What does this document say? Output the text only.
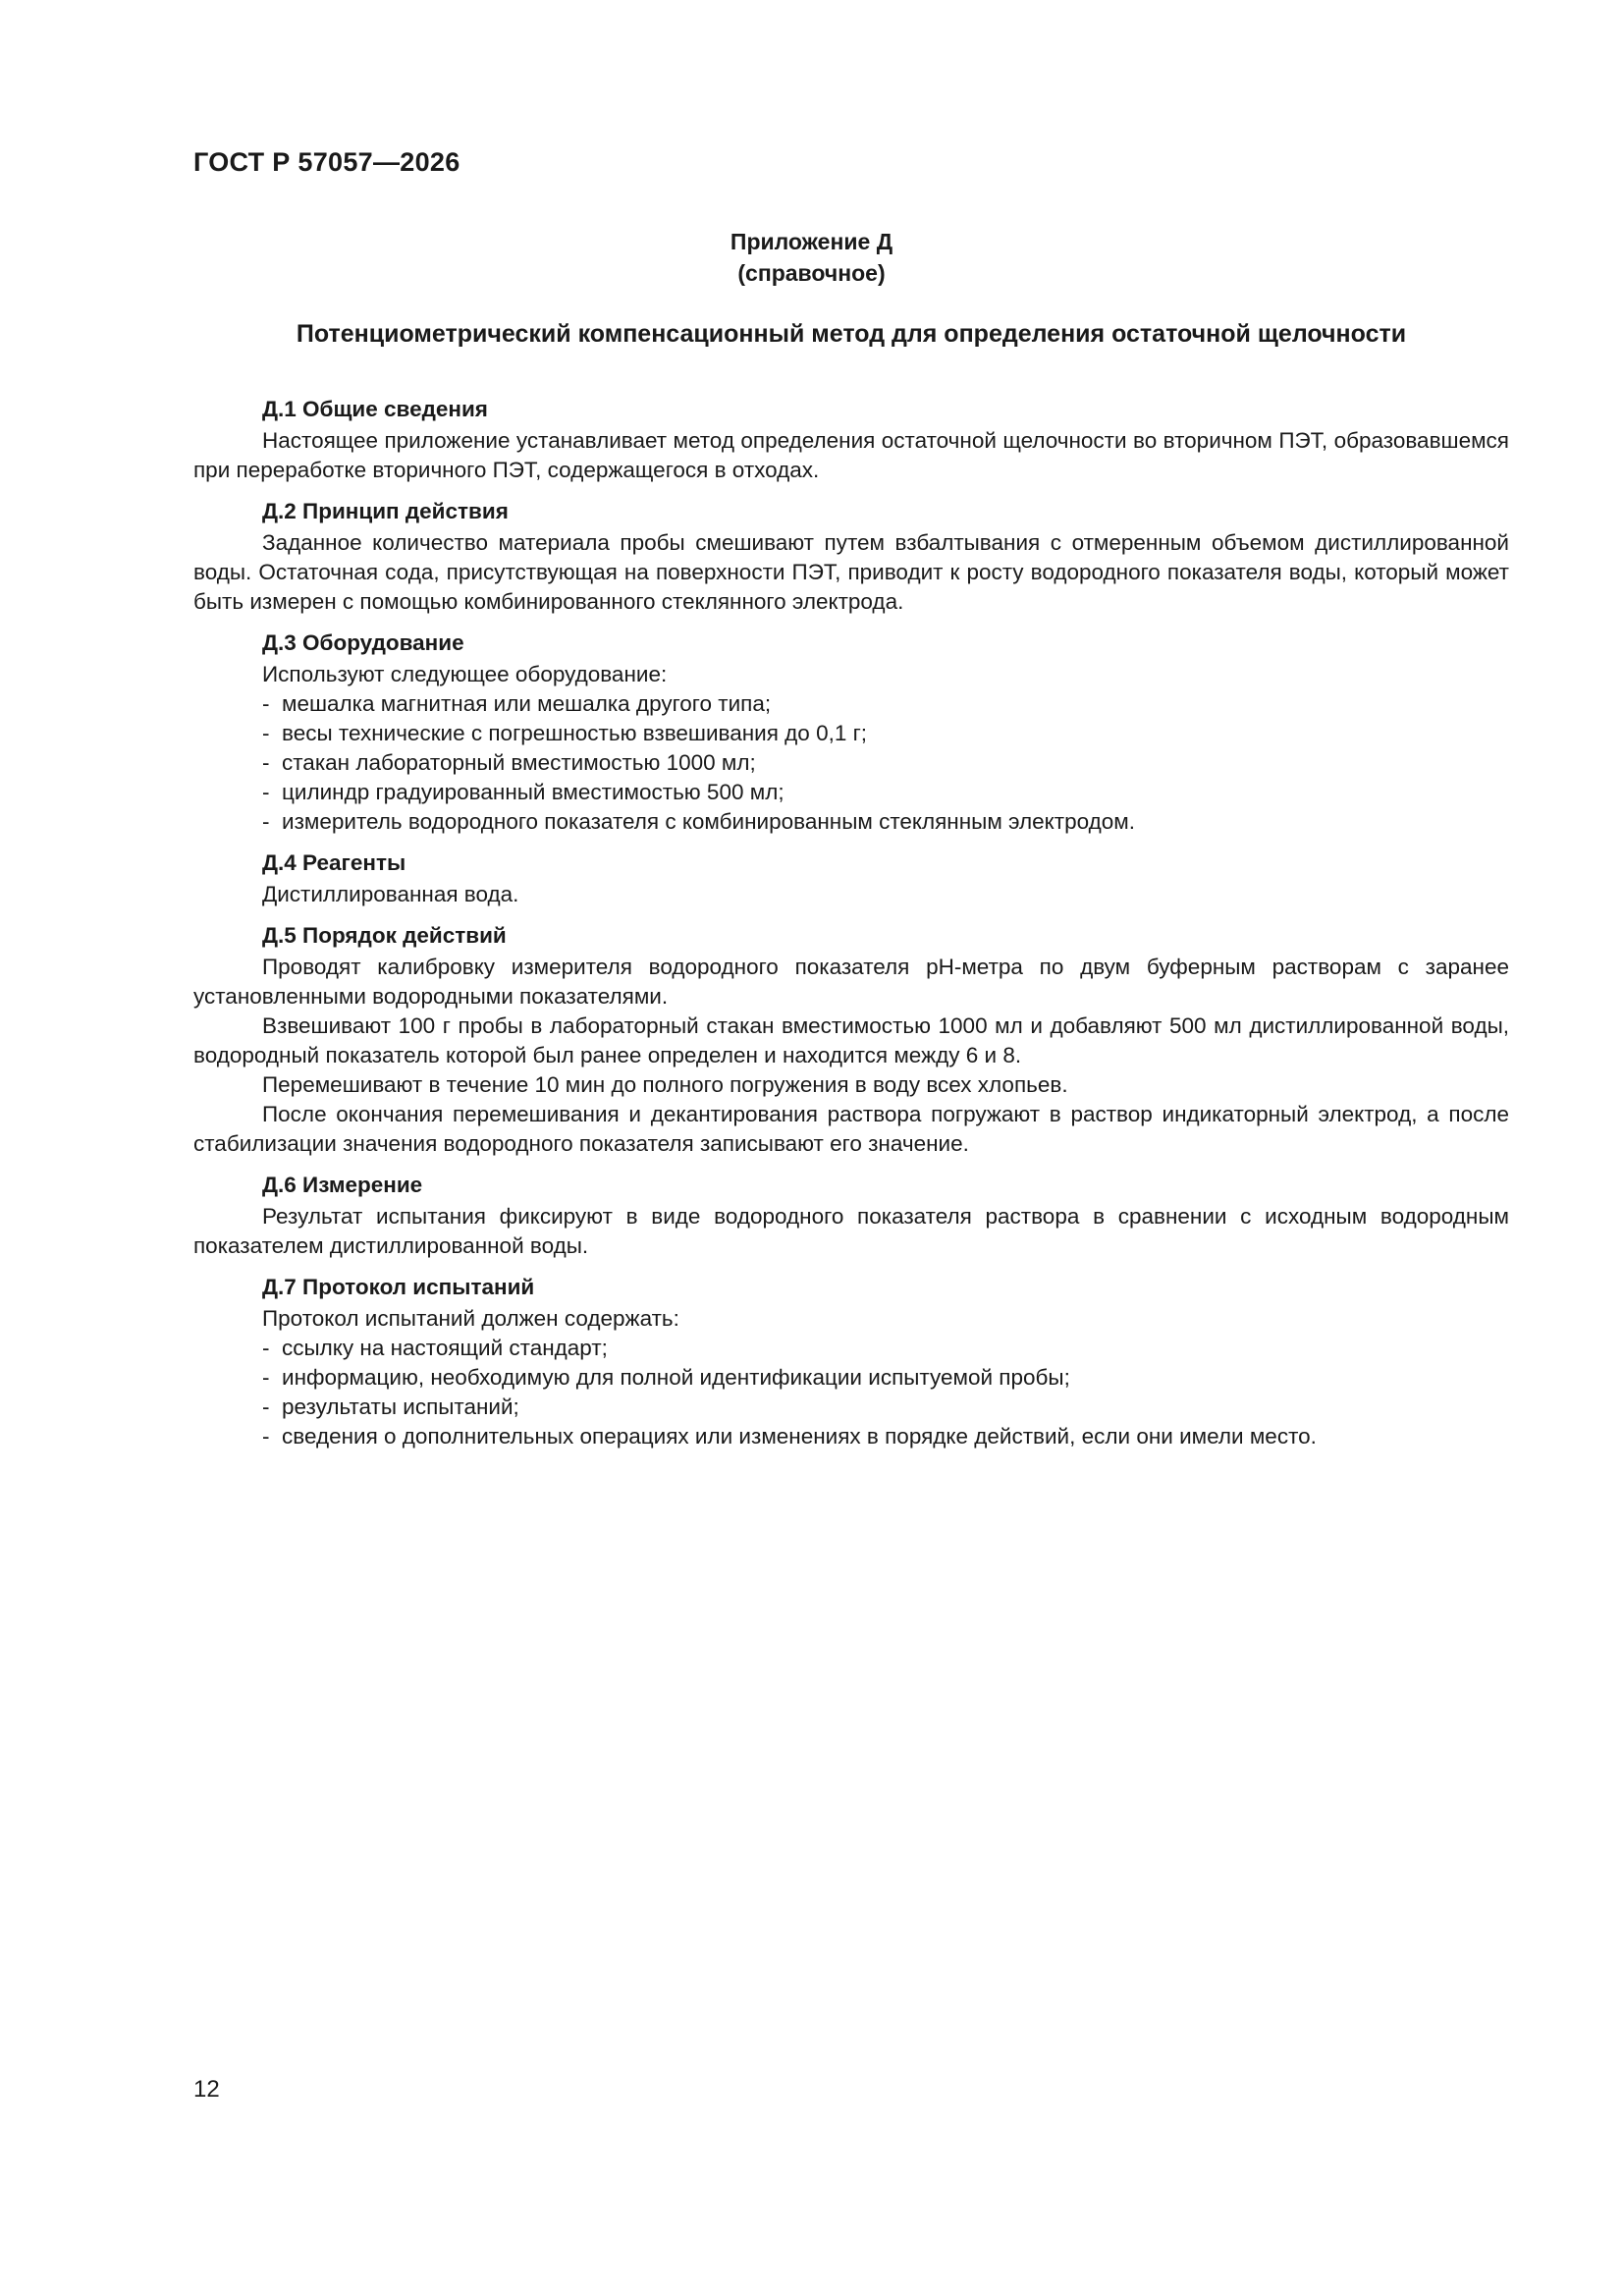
ГОСТ Р 57057—2026
Приложение Д
(справочное)
Потенциометрический компенсационный метод для определения остаточной щелочности
Д.1 Общие сведения

Настоящее приложение устанавливает метод определения остаточной щелочности во вторичном ПЭТ, образовавшемся при переработке вторичного ПЭТ, содержащегося в отходах.

Д.2 Принцип действия

Заданное количество материала пробы смешивают путем взбалтывания с отмеренным объемом дистиллированной воды. Остаточная сода, присутствующая на поверхности ПЭТ, приводит к росту водородного показателя воды, который может быть измерен с помощью комбинированного стеклянного электрода.

Д.3 Оборудование

Используют следующее оборудование:

- мешалка магнитная или мешалка другого типа;
- весы технические с погрешностью взвешивания до 0,1 г;
- стакан лабораторный вместимостью 1000 мл;
- цилиндр градуированный вместимостью 500 мл;
- измеритель водородного показателя с комбинированным стеклянным электродом.
Д.4 Реагенты

Дистиллированная вода.

Д.5 Порядок действий

Проводят калибровку измерителя водородного показателя pH-метра по двум буферным растворам с заранее установленными водородными показателями.

Взвешивают 100 г пробы в лабораторный стакан вместимостью 1000 мл и добавляют 500 мл дистиллированной воды, водородный показатель которой был ранее определен и находится между 6 и 8.

Перемешивают в течение 10 мин до полного погружения в воду всех хлопьев.

После окончания перемешивания и декантирования раствора погружают в раствор индикаторный электрод, а после стабилизации значения водородного показателя записывают его значение.

Д.6 Измерение

Результат испытания фиксируют в виде водородного показателя раствора в сравнении с исходным водородным показателем дистиллированной воды.

Д.7 Протокол испытаний

Протокол испытаний должен содержать:

- ссылку на настоящий стандарт;
- информацию, необходимую для полной идентификации испытуемой пробы;
- результаты испытаний;
- сведения о дополнительных операциях или изменениях в порядке действий, если они имели место.
12
